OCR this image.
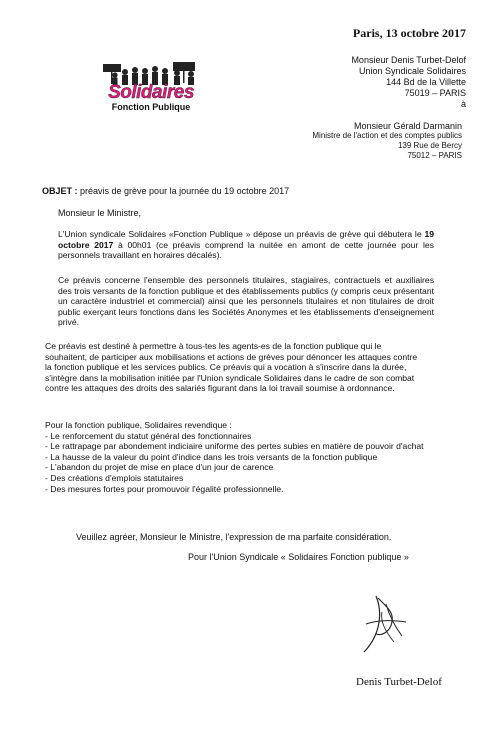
Paris, 13 octobre 2017
Solidaires
Fonction Publique
Monsieur Denis Turbet-Delof
Union Syndicale Solidaires
144 Bd de la Villette
75019 – PARIS
à
Monsieur Gérald Darmanin
Ministre de l'action et des comptes publics
139 Rue de Bercy
75012 – PARIS
OBJET : préavis de grève pour la journée du 19 octobre 2017
Monsieur le Ministre,
L'Union syndicale Solidaires «Fonction Publique » dépose un préavis de grève qui débutera le 19 octobre 2017 à 00h01 (ce préavis comprend la nuitée en amont de cette journée pour les personnels travaillant en horaires décalés).
Ce préavis concerne l'ensemble des personnels titulaires, stagiaires, contractuels et auxiliaires des trois versants de la fonction publique et des établissements publics (y compris ceux présentant un caractère industriel et commercial) ainsi que les personnels titulaires et non titulaires de droit public exerçant leurs fonctions dans les Sociétés Anonymes et les établissements d'enseignement privé.
Ce préavis est destiné à permettre à tous-tes les agents-es de la fonction publique qui le souhaitent, de participer aux mobilisations et actions de grèves pour dénoncer les attaques contre la fonction publique et les services publics. Ce préavis qui a vocation à s'inscrire dans la durée, s'intègre dans la mobilisation initiée par l'Union syndicale Solidaires dans le cadre de son combat contre les attaques des droits des salariés figurant dans la loi travail soumise à ordonnance.
Pour la fonction publique, Solidaires revendique :
- Le renforcement du statut général des fonctionnaires
- Le rattrapage par abondement indiciaire uniforme des pertes subies en matière de pouvoir d'achat
- La hausse de la valeur du point d'indice dans les trois versants de la fonction publique
- L'abandon du projet de mise en place d'un jour de carence
- Des créations d'emplois statutaires
- Des mesures fortes pour promouvoir l'égalité professionnelle.
Veuillez agréer, Monsieur le Ministre, l'expression de ma parfaite considération.
Pour l'Union Syndicale « Solidaires Fonction publique »
Denis Turbet-Delof
